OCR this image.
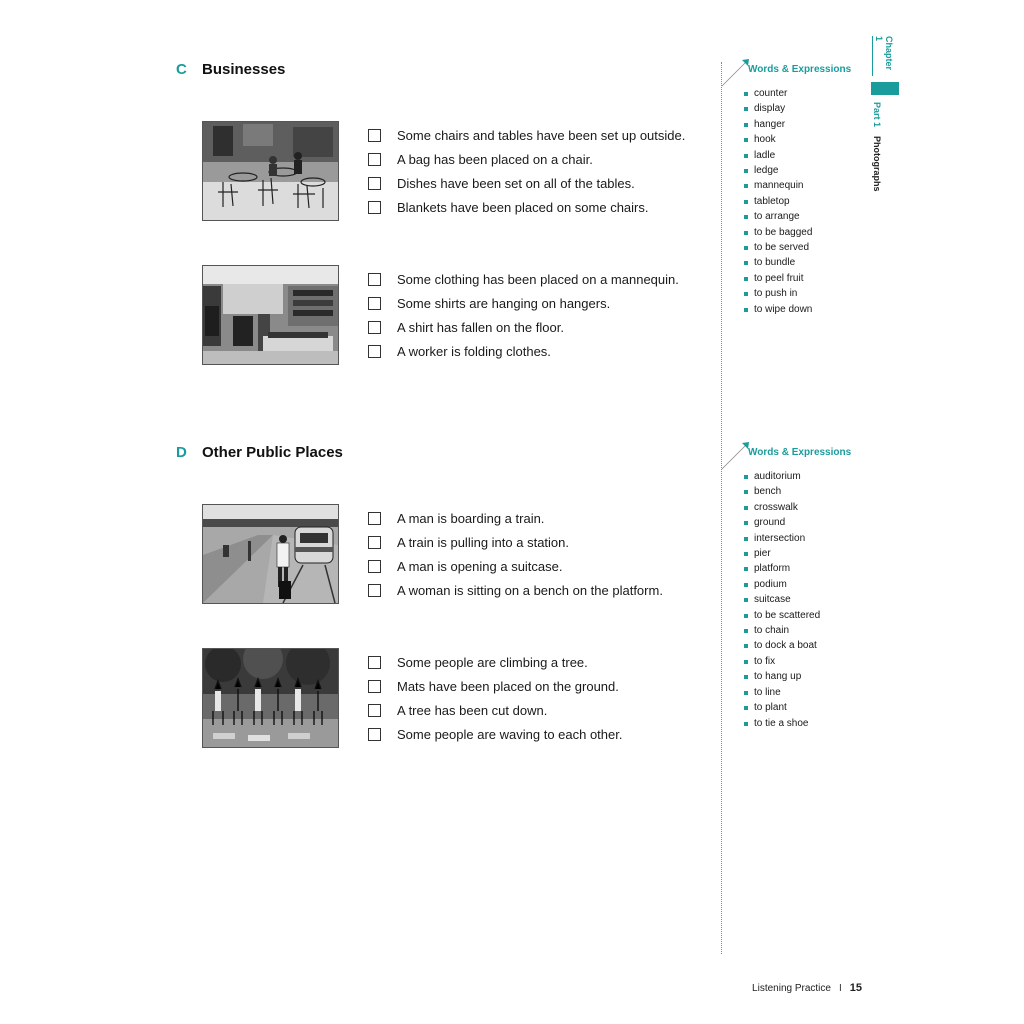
C Businesses
Some chairs and tables have been set up outside.
A bag has been placed on a chair.
Dishes have been set on all of the tables.
Blankets have been placed on some chairs.
Some clothing has been placed on a mannequin.
Some shirts are hanging on hangers.
A shirt has fallen on the floor.
A worker is folding clothes.
D Other Public Places
A man is boarding a train.
A train is pulling into a station.
A man is opening a suitcase.
A woman is sitting on a bench on the platform.
Some people are climbing a tree.
Mats have been placed on the ground.
A tree has been cut down.
Some people are waving to each other.
Words & Expressions
counter
display
hanger
hook
ladle
ledge
mannequin
tabletop
to arrange
to be bagged
to be served
to bundle
to peel fruit
to push in
to wipe down
Words & Expressions
auditorium
bench
crosswalk
ground
intersection
pier
platform
podium
suitcase
to be scattered
to chain
to dock a boat
to fix
to hang up
to line
to plant
to tie a shoe
Chapter 1
Part 1 Photographs
Listening Practice I 15
